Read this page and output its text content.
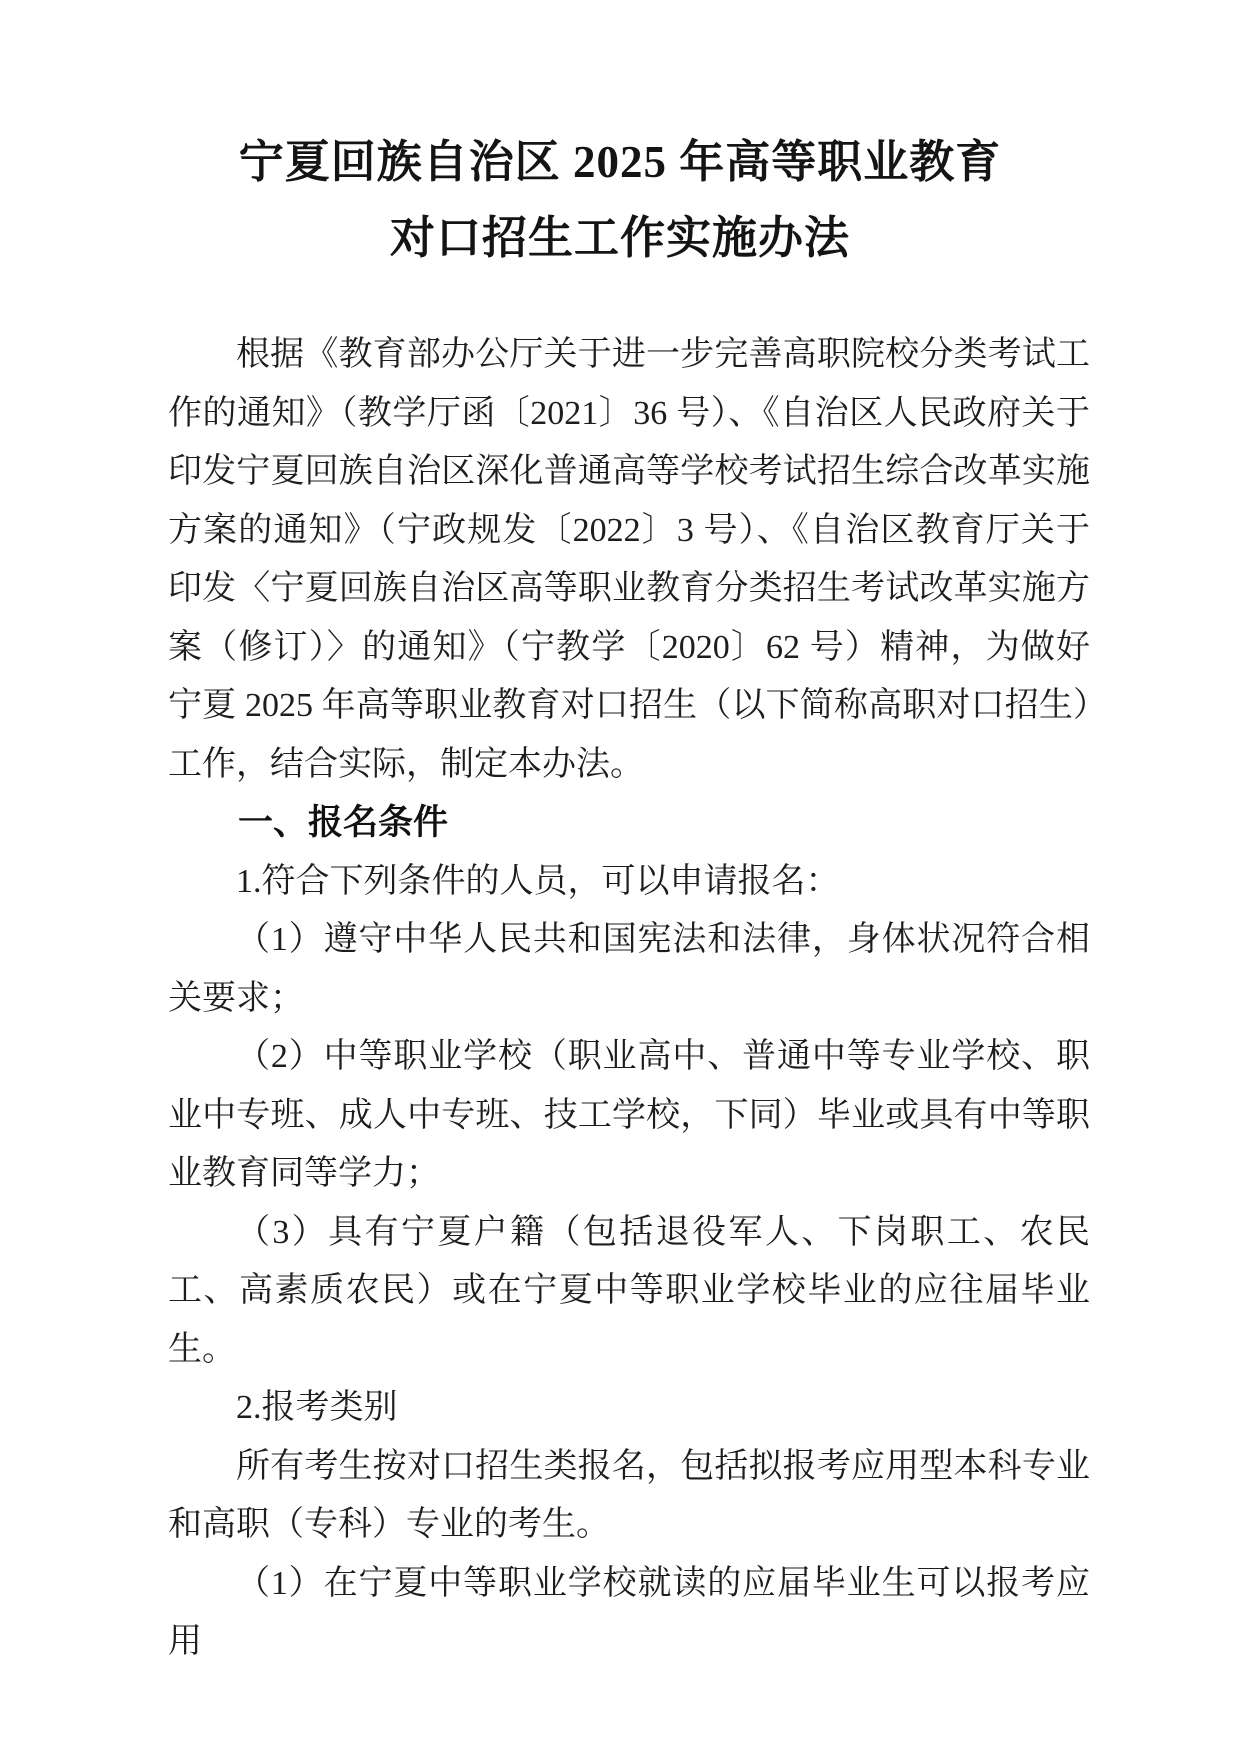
宁夏回族自治区 2025 年高等职业教育
对口招生工作实施办法

根据《教育部办公厅关于进一步完善高职院校分类考试工作的通知》（教学厅函〔2021〕36 号）、《自治区人民政府关于印发宁夏回族自治区深化普通高等学校考试招生综合改革实施方案的通知》（宁政规发〔2022〕3 号）、《自治区教育厅关于印发〈宁夏回族自治区高等职业教育分类招生考试改革实施方案（修订）〉的通知》（宁教学〔2020〕62 号）精神，为做好宁夏 2025 年高等职业教育对口招生（以下简称高职对口招生）工作，结合实际，制定本办法。

一、报名条件

1.符合下列条件的人员，可以申请报名：

（1）遵守中华人民共和国宪法和法律，身体状况符合相关要求；

（2）中等职业学校（职业高中、普通中等专业学校、职业中专班、成人中专班、技工学校，下同）毕业或具有中等职业教育同等学力；

（3）具有宁夏户籍（包括退役军人、下岗职工、农民工、高素质农民）或在宁夏中等职业学校毕业的应往届毕业生。

2.报考类别

所有考生按对口招生类报名，包括拟报考应用型本科专业和高职（专科）专业的考生。

（1）在宁夏中等职业学校就读的应届毕业生可以报考应用
